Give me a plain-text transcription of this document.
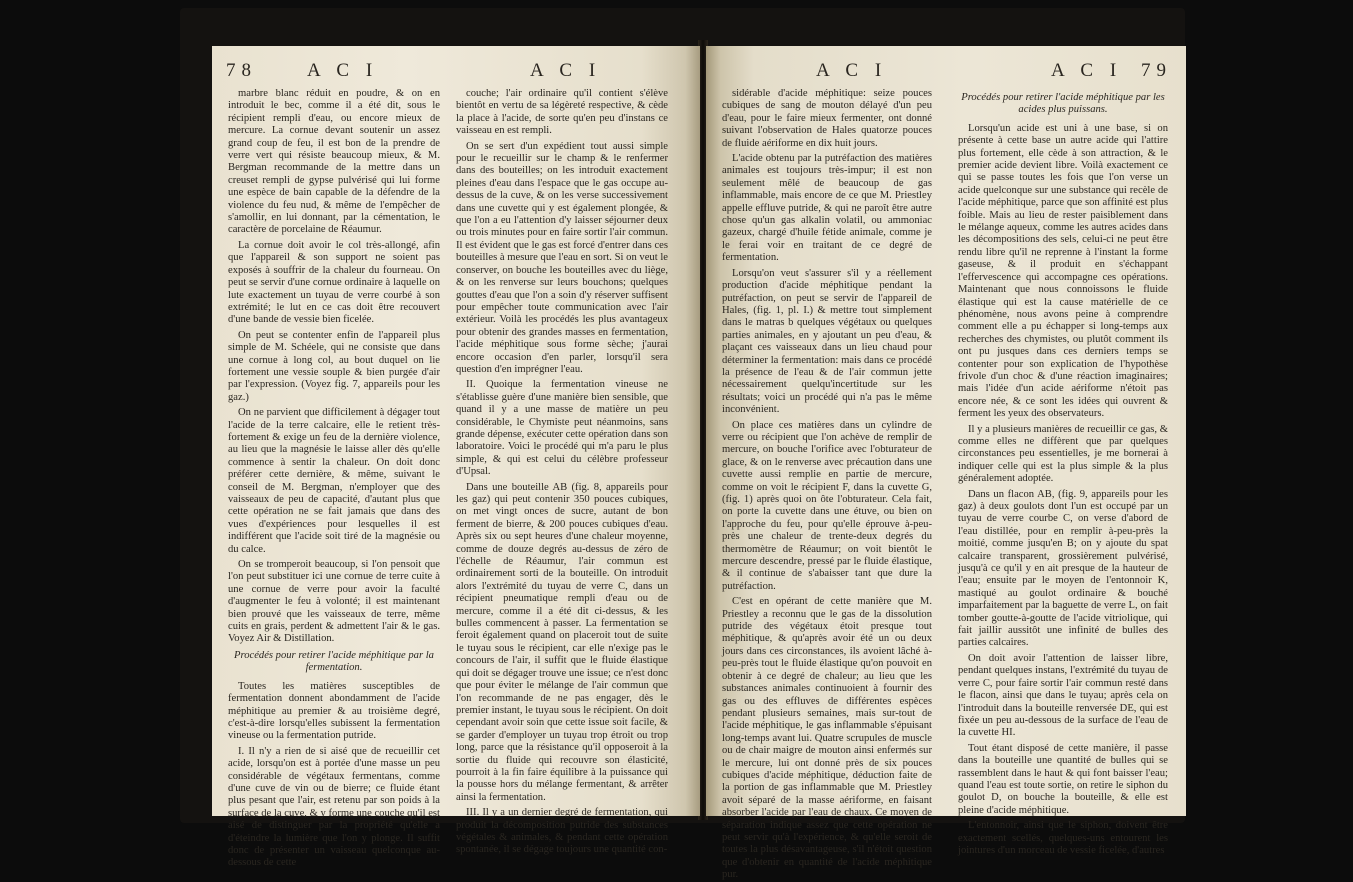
78	A C I	A C I

marbre blanc réduit en poudre, & on en introduit le bec, comme il a été dit, sous le récipient rempli d'eau, ou encore mieux de mercure. La cornue devant soutenir un assez grand coup de feu, il est bon de la prendre de verre vert qui résiste beaucoup mieux, & M. Bergman recommande de la mettre dans un creuset rempli de gypse pulvérisé qui lui forme une espèce de bain capable de la défendre de la violence du feu nud, & même de l'empêcher de s'amollir, en lui donnant, par la cémentation, le caractère de porcelaine de Réaumur.

La cornue doit avoir le col très-allongé, afin que l'appareil & son support ne soient pas exposés à souffrir de la chaleur du fourneau. On peut se servir d'une cornue ordinaire à laquelle on lute exactement un tuyau de verre courbé à son extrémité; le lut en ce cas doit être recouvert d'une bande de vessie bien ficelée.

On peut se contenter enfin de l'appareil plus simple de M. Schéele, qui ne consiste que dans une cornue à long col, au bout duquel on lie fortement une vessie souple & bien purgée d'air par l'expression. (Voyez fig. 7, appareils pour les gaz.)

On ne parvient que difficilement à dégager tout l'acide de la terre calcaire, elle le retient très-fortement & exige un feu de la dernière violence, au lieu que la magnésie le laisse aller dès qu'elle commence à sentir la chaleur. On doit donc préférer cette dernière, & même, suivant le conseil de M. Bergman, n'employer que des vaisseaux de peu de capacité, d'autant plus que cette opération ne se fait jamais que dans des vues d'expériences pour lesquelles il est indifférent que l'acide soit tiré de la magnésie ou du calce.

On se tromperoit beaucoup, si l'on pensoit que l'on peut substituer ici une cornue de terre cuite à une cornue de verre pour avoir la faculté d'augmenter le feu à volonté; il est maintenant bien prouvé que les vaisseaux de terre, même cuits en grais, perdent & admettent l'air & le gas. Voyez Air & Distillation.

Procédés pour retirer l'acide méphitique par la fermentation.

Toutes les matières susceptibles de fermentation donnent abondamment de l'acide méphitique au premier & au troisième degré, c'est-à-dire lorsqu'elles subissent la fermentation vineuse ou la fermentation putride.

I. Il n'y a rien de si aisé que de recueillir cet acide, lorsqu'on est à portée d'une masse un peu considérable de végétaux fermentans, comme d'une cuve de vin ou de bierre; ce fluide étant plus pesant que l'air, est retenu par son poids à la surface de la cuve, & y forme une couche qu'il est aisé de distinguer par la propriété qu'elle a d'éteindre la lumière que l'on y plonge. Il suffit donc de présenter un vaisseau quelconque au-dessous de cette

couche; l'air ordinaire qu'il contient s'élève bientôt en vertu de sa légèreté respective, & cède la place à l'acide, de sorte qu'en peu d'instans ce vaisseau en est rempli.

On se sert d'un expédient tout aussi simple pour le recueillir sur le champ & le renfermer dans des bouteilles; on les introduit exactement pleines d'eau dans l'espace que le gas occupe au-dessus de la cuve, & on les verse successivement dans une cuvette qui y est également plongée, & que l'on a eu l'attention d'y laisser séjourner deux ou trois minutes pour en faire sortir l'air commun. Il est évident que le gas est forcé d'entrer dans ces bouteilles à mesure que l'eau en sort. Si on veut le conserver, on bouche les bouteilles avec du liège, & on les renverse sur leurs bouchons; quelques gouttes d'eau que l'on a soin d'y réserver suffisent pour empêcher toute communication avec l'air extérieur. Voilà les procédés les plus avantageux pour obtenir des grandes masses en fermentation, l'acide méphitique sous forme sèche; j'aurai encore occasion d'en parler, lorsqu'il sera question d'en imprégner l'eau.

II. Quoique la fermentation vineuse ne s'établisse guère d'une manière bien sensible, que quand il y a une masse de matière un peu considérable, le Chymiste peut néanmoins, sans grande dépense, exécuter cette opération dans son laboratoire. Voici le procédé qui m'a paru le plus simple, & qui est celui du célèbre professeur d'Upsal.

Dans une bouteille AB (fig. 8, appareils pour les gaz) qui peut contenir 350 pouces cubiques, on met vingt onces de sucre, autant de bon ferment de bierre, & 200 pouces cubiques d'eau. Après six ou sept heures d'une chaleur moyenne, comme de douze degrés au-dessus de zéro de l'échelle de Réaumur, l'air commun est ordinairement sorti de la bouteille. On introduit alors l'extrémité du tuyau de verre C, dans un récipient pneumatique rempli d'eau ou de mercure, comme il a été dit ci-dessus, & les bulles commencent à passer. La fermentation se feroit également quand on placeroit tout de suite le tuyau sous le récipient, car elle n'exige pas le concours de l'air, il suffit que le fluide élastique qui doit se dégager trouve une issue; ce n'est donc que pour éviter le mélange de l'air commun que l'on recommande de ne pas engager, dès le premier instant, le tuyau sous le récipient. On doit cependant avoir soin que cette issue soit facile, & se garder d'employer un tuyau trop étroit ou trop long, parce que la résistance qu'il opposeroit à la sortie du fluide qui recouvre son élasticité, pourroit à la fin faire équilibre à la puissance qui la pousse hors du mélange fermentant, & arrêter ainsi la fermentation.

III. Il y a un dernier degré de fermentation, qui produit la décomposition putride des substances végétales & animales, & pendant cette opération spontanée, il se dégage toujours une quantité con-

A C I	A C I 79

sidérable d'acide méphitique: seize pouces cubiques de sang de mouton délayé d'un peu d'eau, pour le faire mieux fermenter, ont donné suivant l'observation de Hales quatorze pouces de fluide aériforme en dix huit jours.

L'acide obtenu par la putréfaction des matières animales est toujours très-impur; il est non seulement mêlé de beaucoup de gas inflammable, mais encore de ce que M. Priestley appelle effluve putride, & qui ne paroît être autre chose qu'un gas alkalin volatil, ou ammoniac gazeux, chargé d'huile fétide animale, comme je le ferai voir en traitant de ce degré de fermentation.

Lorsqu'on veut s'assurer s'il y a réellement production d'acide méphitique pendant la putréfaction, on peut se servir de l'appareil de Hales, (fig. 1, pl. I.) & mettre tout simplement dans le matras b quelques végétaux ou quelques parties animales, en y ajoutant un peu d'eau, & plaçant ces vaisseaux dans un lieu chaud pour déterminer la fermentation: mais dans ce procédé la présence de l'eau & de l'air commun jette nécessairement quelqu'incertitude sur les résultats; voici un procédé qui n'a pas le même inconvénient.

On place ces matières dans un cylindre de verre ou récipient que l'on achève de remplir de mercure, on bouche l'orifice avec l'obturateur de glace, & on le renverse avec précaution dans une cuvette aussi remplie en partie de mercure, comme on voit le récipient F, dans la cuvette G, (fig. 1) après quoi on ôte l'obturateur. Cela fait, on porte la cuvette dans une étuve, ou bien on l'approche du feu, pour qu'elle éprouve à-peu-près une chaleur de trente-deux degrés du thermomètre de Réaumur; on voit bientôt le mercure descendre, pressé par le fluide élastique, & il continue de s'abaisser tant que dure la putréfaction.

C'est en opérant de cette manière que M. Priestley a reconnu que le gas de la dissolution putride des végétaux étoit presque tout méphitique, & qu'après avoir été un ou deux jours dans ces circonstances, ils avoient lâché à-peu-près tout le fluide élastique qu'on pouvoit en obtenir à ce degré de chaleur; au lieu que les substances animales continuoient à fournir des gas ou des effluves de différentes espèces pendant plusieurs semaines, mais sur-tout de l'acide méphitique, le gas inflammable s'épuisant long-temps avant lui. Quatre scrupules de muscle ou de chair maigre de mouton ainsi enfermés sur le mercure, lui ont donné près de six pouces cubiques d'acide méphitique, déduction faite de la portion de gas inflammable que M. Priestley avoit séparé de la masse aériforme, en faisant absorber l'acide par l'eau de chaux. Ce moyen de séparation indique assez que cette opération ne peut servir qu'à l'expérience, & qu'elle seroit de toutes la plus désavantageuse, s'il n'étoit question que d'obtenir en quantité de l'acide méphitique pur.

Procédés pour retirer l'acide méphitique par les acides plus puissans.

Lorsqu'un acide est uni à une base, si on présente à cette base un autre acide qui l'attire plus fortement, elle cède à son attraction, & le premier acide devient libre. Voilà exactement ce qui se passe toutes les fois que l'on verse un acide quelconque sur une substance qui recèle de l'acide méphitique, parce que son affinité est plus foible. Mais au lieu de rester paisiblement dans le mélange aqueux, comme les autres acides dans les décompositions des sels, celui-ci ne peut être rendu libre qu'il ne reprenne à l'instant la forme gaseuse, & il produit en s'échappant l'effervescence qui accompagne ces opérations. Maintenant que nous connoissons le fluide élastique qui est la cause matérielle de ce phénomène, nous avons peine à comprendre comment elle a pu échapper si long-temps aux recherches des chymistes, ou plutôt comment ils ont pu jusques dans ces derniers temps se contenter pour son explication de l'hypothèse frivole d'un choc & d'une réaction imaginaires; mais l'idée d'un acide aériforme n'étoit pas encore née, & ce sont les idées qui ouvrent & ferment les yeux des observateurs.

Il y a plusieurs manières de recueillir ce gas, & comme elles ne diffèrent que par quelques circonstances peu essentielles, je me bornerai à indiquer celle qui est la plus simple & la plus généralement adoptée.

Dans un flacon AB, (fig. 9, appareils pour les gaz) à deux goulots dont l'un est occupé par un tuyau de verre courbe C, on verse d'abord de l'eau distillée, pour en remplir à-peu-près la moitié, comme jusqu'en B; on y ajoute du spat calcaire transparent, grossièrement pulvérisé, jusqu'à ce qu'il y en ait presque de la hauteur de l'eau; ensuite par le moyen de l'entonnoir K, mastiqué au goulot ordinaire & bouché imparfaitement par la baguette de verre L, on fait tomber goutte-à-goutte de l'acide vitriolique, qui fait jaillir aussitôt une infinité de bulles des parties calcaires.

On doit avoir l'attention de laisser libre, pendant quelques instans, l'extrémité du tuyau de verre C, pour faire sortir l'air commun resté dans le flacon, ainsi que dans le tuyau; après cela on l'introduit dans la bouteille renversée DE, qui est fixée un peu au-dessous de la surface de l'eau de la cuvette HI.

Tout étant disposé de cette manière, il passe dans la bouteille une quantité de bulles qui se rassemblent dans le haut & qui font baisser l'eau; quand l'eau est toute sortie, on retire le siphon du goulot D, on bouche la bouteille, & elle est pleine d'acide méphitique.

L'entonnoir, ainsi que le siphon, doivent être exactement scellés, quelques-uns entourent les jointures d'un morceau de vessie ficelée, d'autres
